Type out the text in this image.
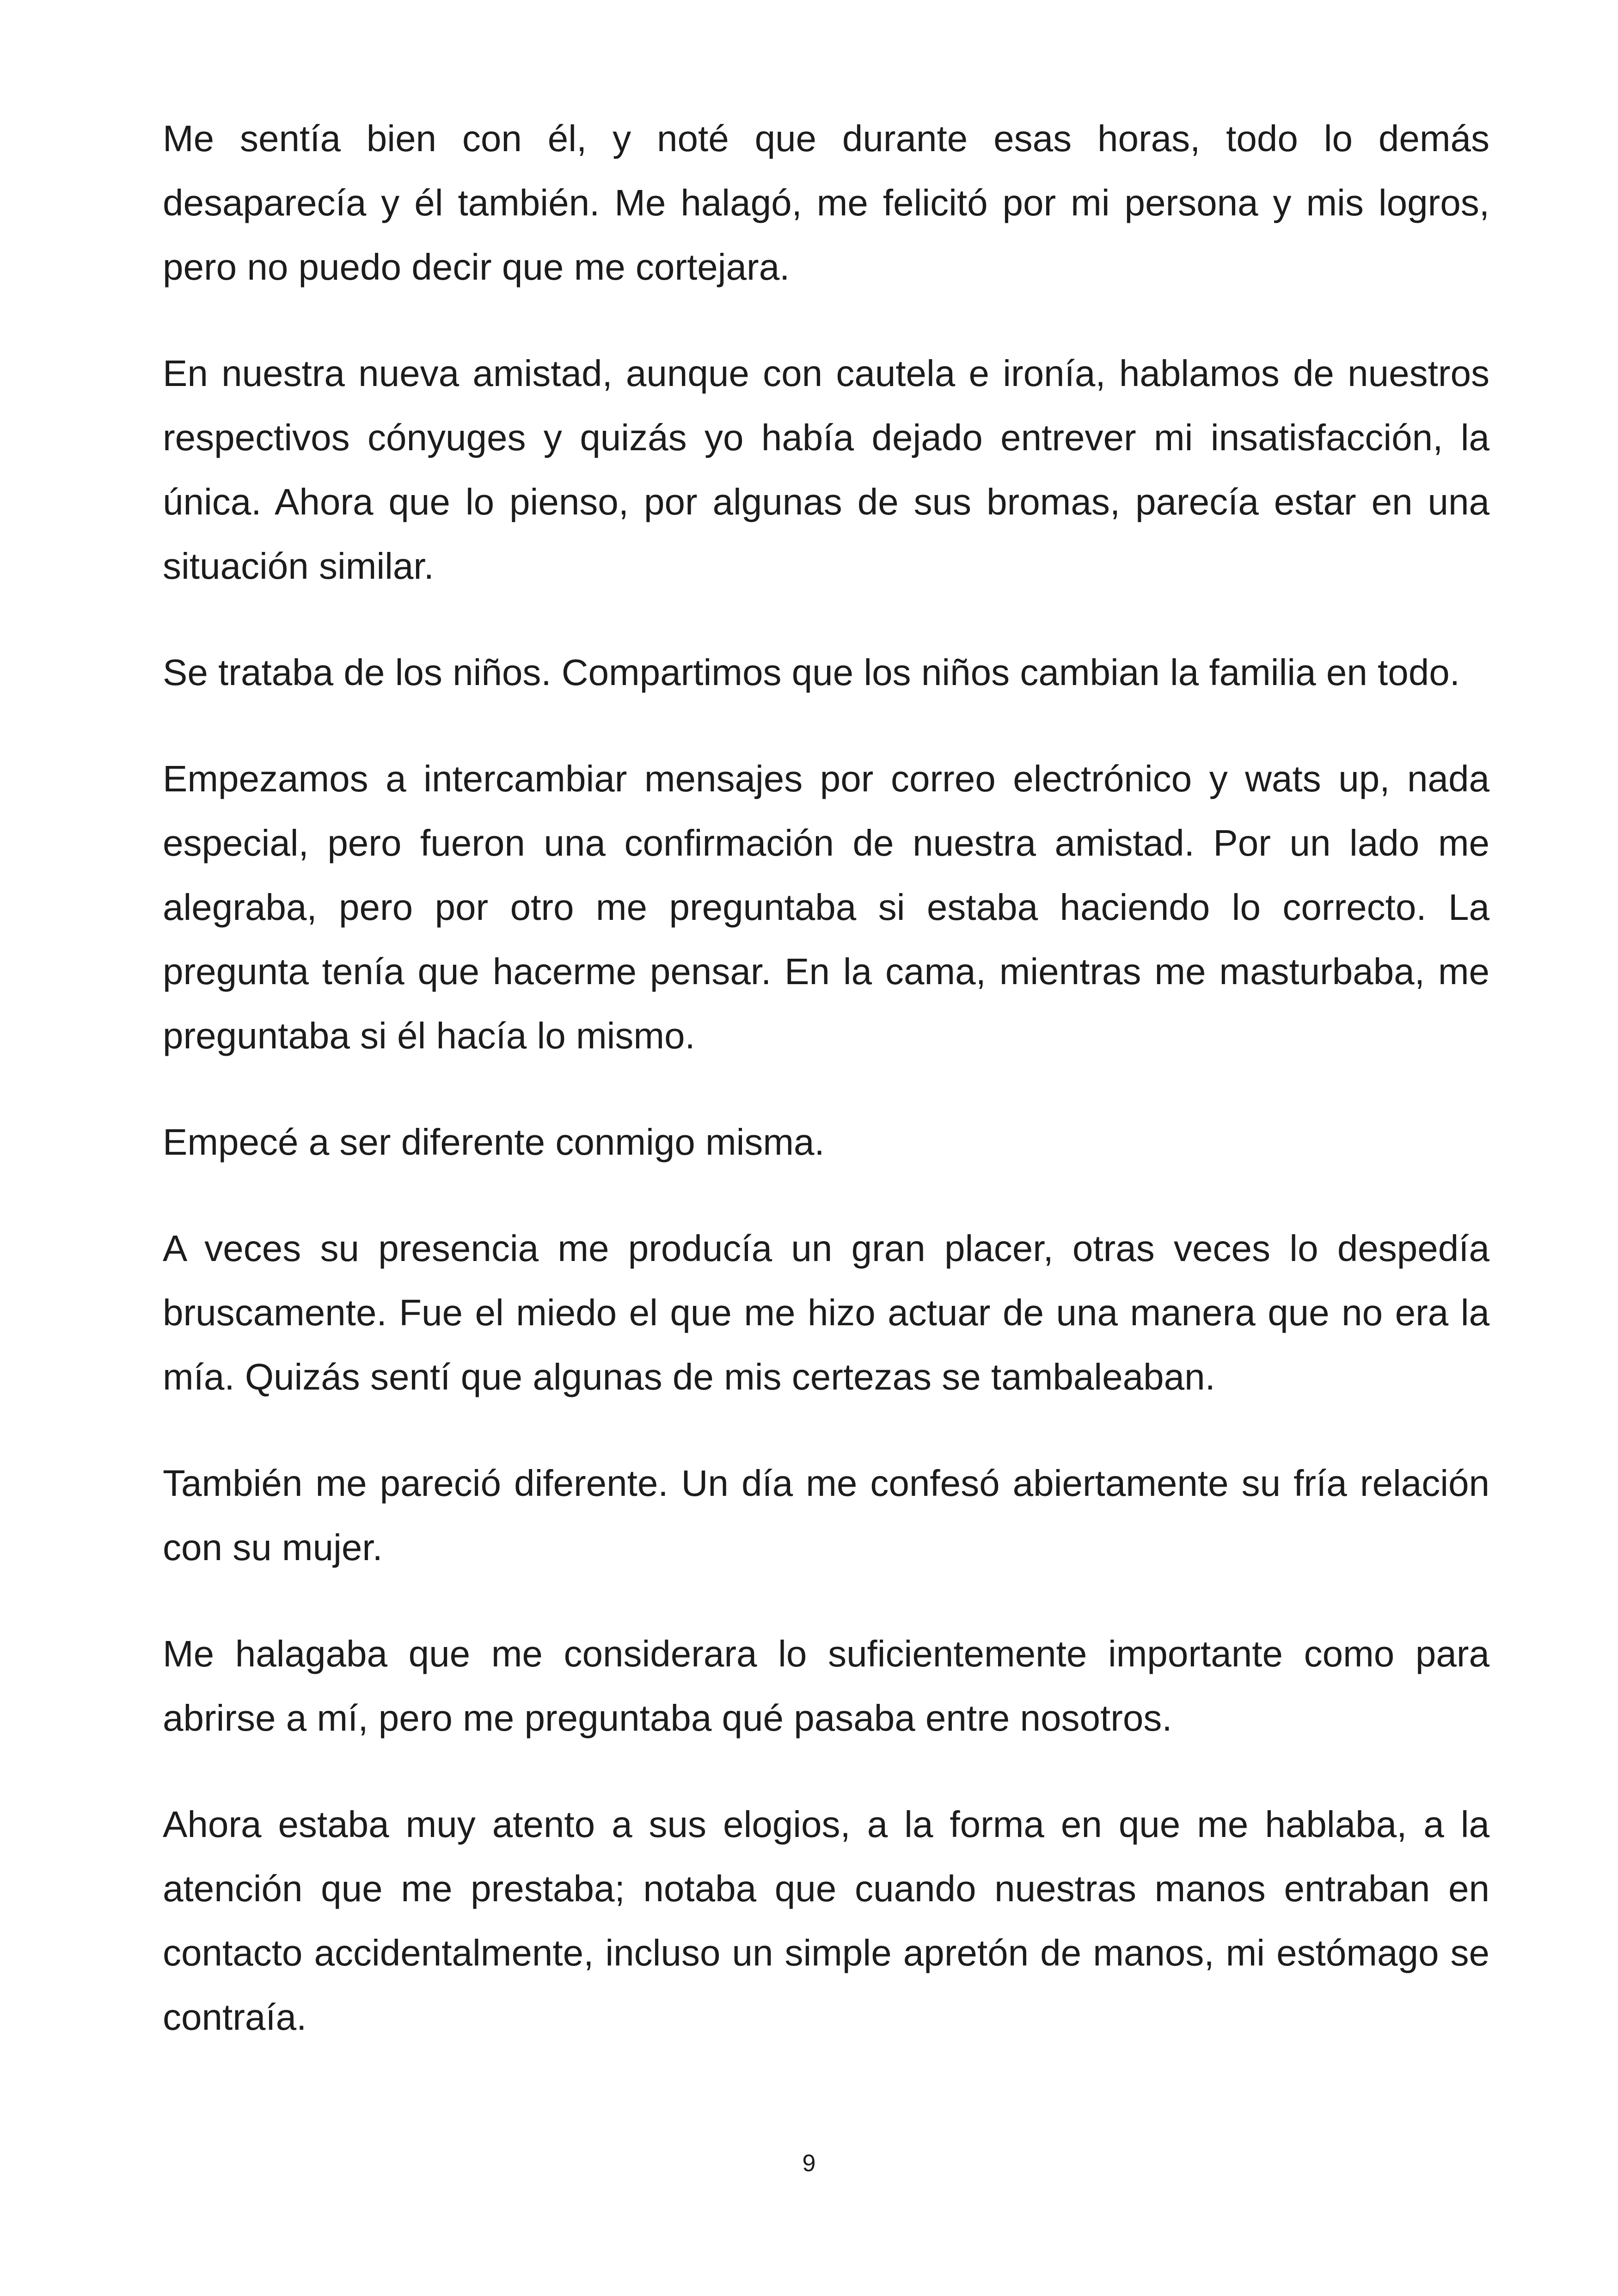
Me sentía bien con él, y noté que durante esas horas, todo lo demás desaparecía y él también. Me halagó, me felicitó por mi persona y mis logros, pero no puedo decir que me cortejara.

En nuestra nueva amistad, aunque con cautela e ironía, hablamos de nuestros respectivos cónyuges y quizás yo había dejado entrever mi insatisfacción, la única. Ahora que lo pienso, por algunas de sus bromas, parecía estar en una situación similar.

Se trataba de los niños. Compartimos que los niños cambian la familia en todo.

Empezamos a intercambiar mensajes por correo electrónico y wats up, nada especial, pero fueron una confirmación de nuestra amistad. Por un lado me alegraba, pero por otro me preguntaba si estaba haciendo lo correcto. La pregunta tenía que hacerme pensar. En la cama, mientras me masturbaba, me preguntaba si él hacía lo mismo.

Empecé a ser diferente conmigo misma.

A veces su presencia me producía un gran placer, otras veces lo despedía bruscamente. Fue el miedo el que me hizo actuar de una manera que no era la mía. Quizás sentí que algunas de mis certezas se tambaleaban.

También me pareció diferente. Un día me confesó abiertamente su fría relación con su mujer.

Me halagaba que me considerara lo suficientemente importante como para abrirse a mí, pero me preguntaba qué pasaba entre nosotros.

Ahora estaba muy atento a sus elogios, a la forma en que me hablaba, a la atención que me prestaba; notaba que cuando nuestras manos entraban en contacto accidentalmente, incluso un simple apretón de manos, mi estómago se contraía.

9
